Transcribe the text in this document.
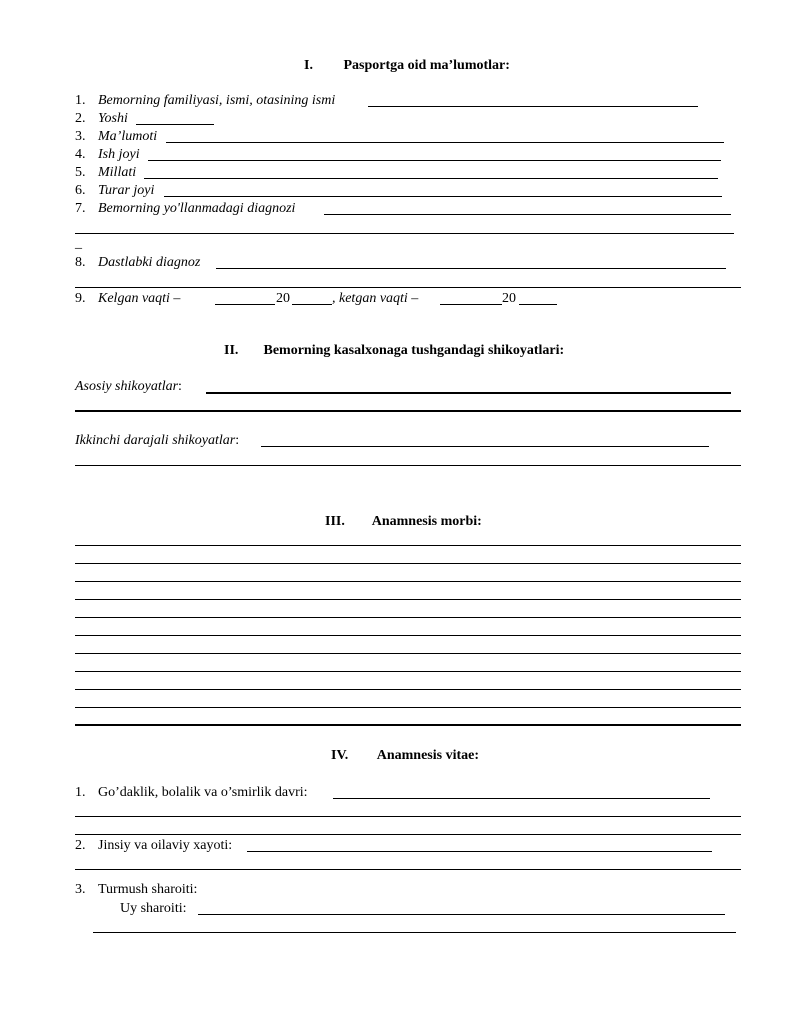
I. Pasportga oid ma’lumotlar:
1. Bemorning familiyasi, ismi, otasining ismi
2. Yoshi
3. Ma’lumoti
4. Ish joyi
5. Millati
6. Turar joyi
7. Bemorning yo'llanmadagi diagnozi
_
8. Dastlabki diagnoz
9. Kelgan vaqti –	20	, ketgan vaqti –	20
II. Bemorning kasalxonaga tushgandagi shikoyatlari:
Asosiy shikoyatlar:
Ikkinchi darajali shikoyatlar:
III. Anamnesis morbi:
IV. Anamnesis vitae:
1. Go’daklik, bolalik va o’smirlik davri:
2. Jinsiy va oilaviy xayoti:
3. Turmush sharoiti:
Uy sharoiti:
